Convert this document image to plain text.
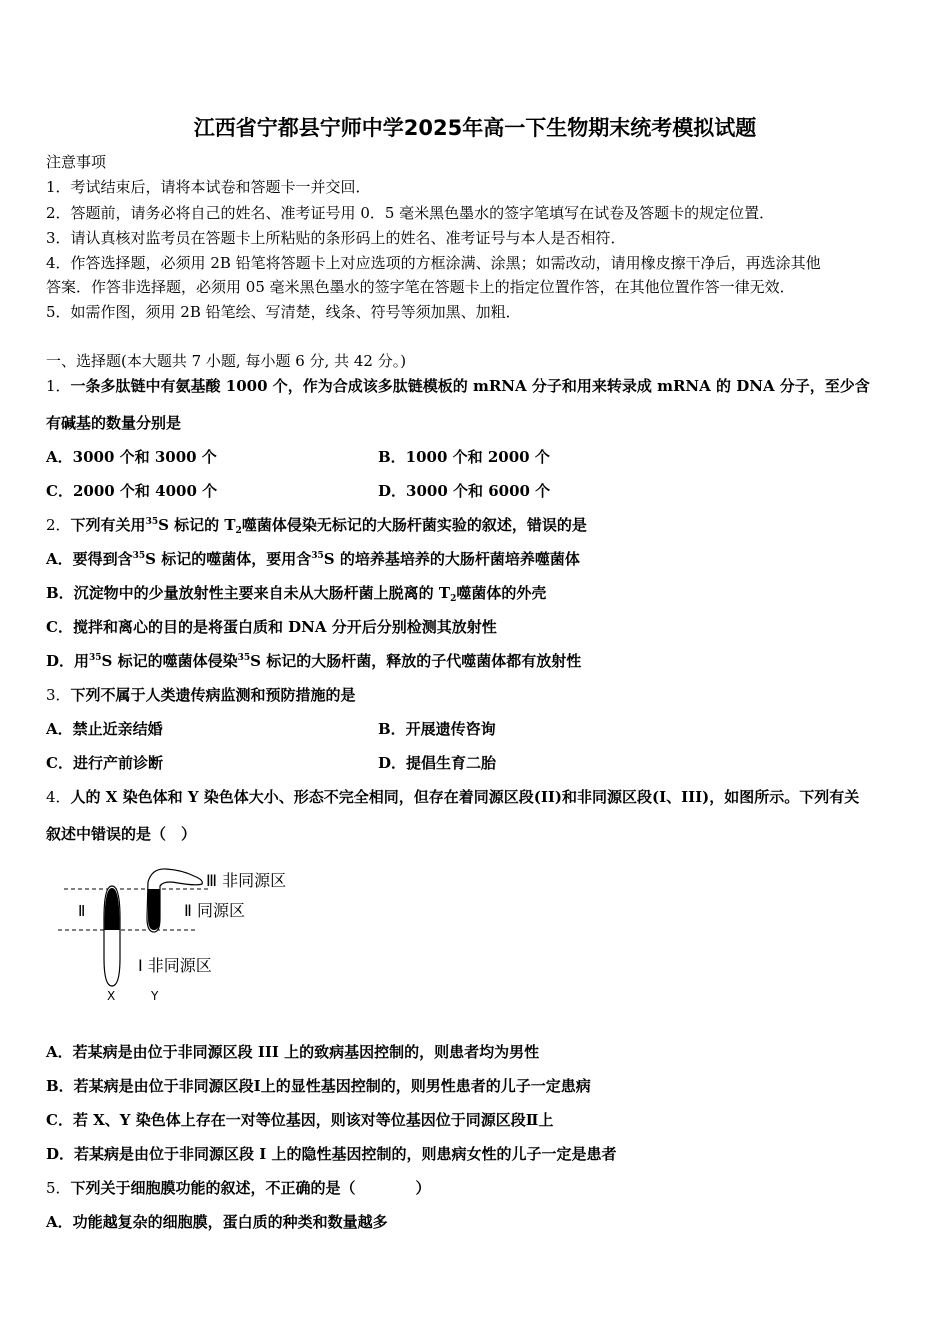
江西省宁都县宁师中学2025年高一下生物期末统考模拟试题
注意事项
1．考试结束后，请将本试卷和答题卡一并交回．
2．答题前，请务必将自己的姓名、准考证号用 0．5 毫米黑色墨水的签字笔填写在试卷及答题卡的规定位置．
3．请认真核对监考员在答题卡上所粘贴的条形码上的姓名、准考证号与本人是否相符．
4．作答选择题，必须用 2B 铅笔将答题卡上对应选项的方框涂满、涂黑；如需改动，请用橡皮擦干净后，再选涂其他
答案．作答非选择题，必须用 05 毫米黑色墨水的签字笔在答题卡上的指定位置作答，在其他位置作答一律无效．
5．如需作图，须用 2B 铅笔绘、写清楚，线条、符号等须加黑、加粗．
一、选择题(本大题共 7 小题, 每小题 6 分, 共 42 分。)
1．一条多肽链中有氨基酸 1000 个，作为合成该多肽链模板的 mRNA 分子和用来转录成 mRNA 的 DNA 分子，至少含
有碱基的数量分别是
A．3000 个和 3000 个	B．1000 个和 2000 个
C．2000 个和 4000 个	D．3000 个和 6000 个
2．下列有关用$^{35}$S 标记的 $T_2$噬菌体侵染无标记的大肠杆菌实验的叙述，错误的是
A．要得到含$^{35}$S 标记的噬菌体，要用含$^{35}$S 的培养基培养的大肠杆菌培养噬菌体
B．沉淀物中的少量放射性主要来自未从大肠杆菌上脱离的 $T_2$噬菌体的外壳
C．搅拌和离心的目的是将蛋白质和 DNA 分开后分别检测其放射性
D．用$^{35}$S 标记的噬菌体侵染$^{35}$S 标记的大肠杆菌，释放的子代噬菌体都有放射性
3．下列不属于人类遗传病监测和预防措施的是
A．禁止近亲结婚	B．开展遗传咨询
C．进行产前诊断	D．提倡生育二胎
4．人的 X 染色体和 Y 染色体大小、形态不完全相同，但存在着同源区段(II)和非同源区段(I、III)，如图所示。下列有关
叙述中错误的是（　）
Ⅲ 非同源区
Ⅱ	Ⅱ 同源区
Ⅰ 非同源区
X	Y
A．若某病是由位于非同源区段 III 上的致病基因控制的，则患者均为男性
B．若某病是由位于非同源区段Ⅰ上的显性基因控制的，则男性患者的儿子一定患病
C．若 X、Y 染色体上存在一对等位基因，则该对等位基因位于同源区段Ⅱ上
D．若某病是由位于非同源区段 I 上的隐性基因控制的，则患病女性的儿子一定是患者
5．下列关于细胞膜功能的叙述，不正确的是（　　　　）
A．功能越复杂的细胞膜，蛋白质的种类和数量越多
